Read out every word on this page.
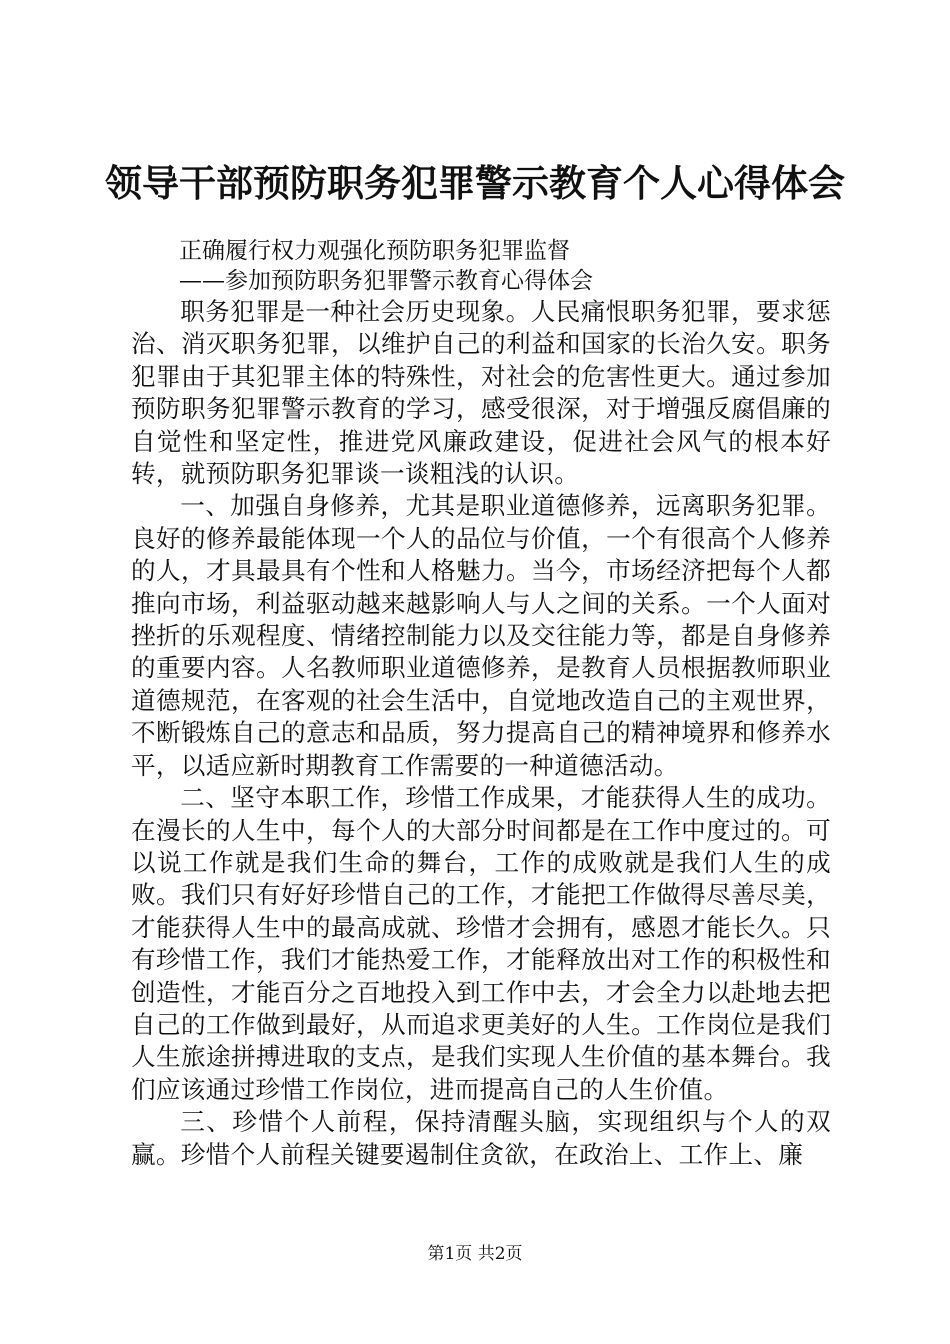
领导干部预防职务犯罪警示教育个人心得体会

正确履行权力观强化预防职务犯罪监督

——参加预防职务犯罪警示教育心得体会

职务犯罪是一种社会历史现象。人民痛恨职务犯罪，要求惩治、消灭职务犯罪，以维护自己的利益和国家的长治久安。职务犯罪由于其犯罪主体的特殊性，对社会的危害性更大。通过参加预防职务犯罪警示教育的学习，感受很深，对于增强反腐倡廉的自觉性和坚定性，推进党风廉政建设，促进社会风气的根本好转，就预防职务犯罪谈一谈粗浅的认识。

一、加强自身修养，尤其是职业道德修养，远离职务犯罪。良好的修养最能体现一个人的品位与价值，一个有很高个人修养的人，才具最具有个性和人格魅力。当今，市场经济把每个人都推向市场，利益驱动越来越影响人与人之间的关系。一个人面对挫折的乐观程度、情绪控制能力以及交往能力等，都是自身修养的重要内容。人名教师职业道德修养，是教育人员根据教师职业道德规范，在客观的社会生活中，自觉地改造自己的主观世界，不断锻炼自己的意志和品质，努力提高自己的精神境界和修养水平，以适应新时期教育工作需要的一种道德活动。

二、坚守本职工作，珍惜工作成果，才能获得人生的成功。在漫长的人生中，每个人的大部分时间都是在工作中度过的。可以说工作就是我们生命的舞台，工作的成败就是我们人生的成败。我们只有好好珍惜自己的工作，才能把工作做得尽善尽美，才能获得人生中的最高成就、珍惜才会拥有，感恩才能长久。只有珍惜工作，我们才能热爱工作，才能释放出对工作的积极性和创造性，才能百分之百地投入到工作中去，才会全力以赴地去把自己的工作做到最好，从而追求更美好的人生。工作岗位是我们人生旅途拼搏进取的支点，是我们实现人生价值的基本舞台。我们应该通过珍惜工作岗位，进而提高自己的人生价值。

三、珍惜个人前程，保持清醒头脑，实现组织与个人的双赢。珍惜个人前程关键要遏制住贪欲，在政治上、工作上、廉

第1页 共2页
